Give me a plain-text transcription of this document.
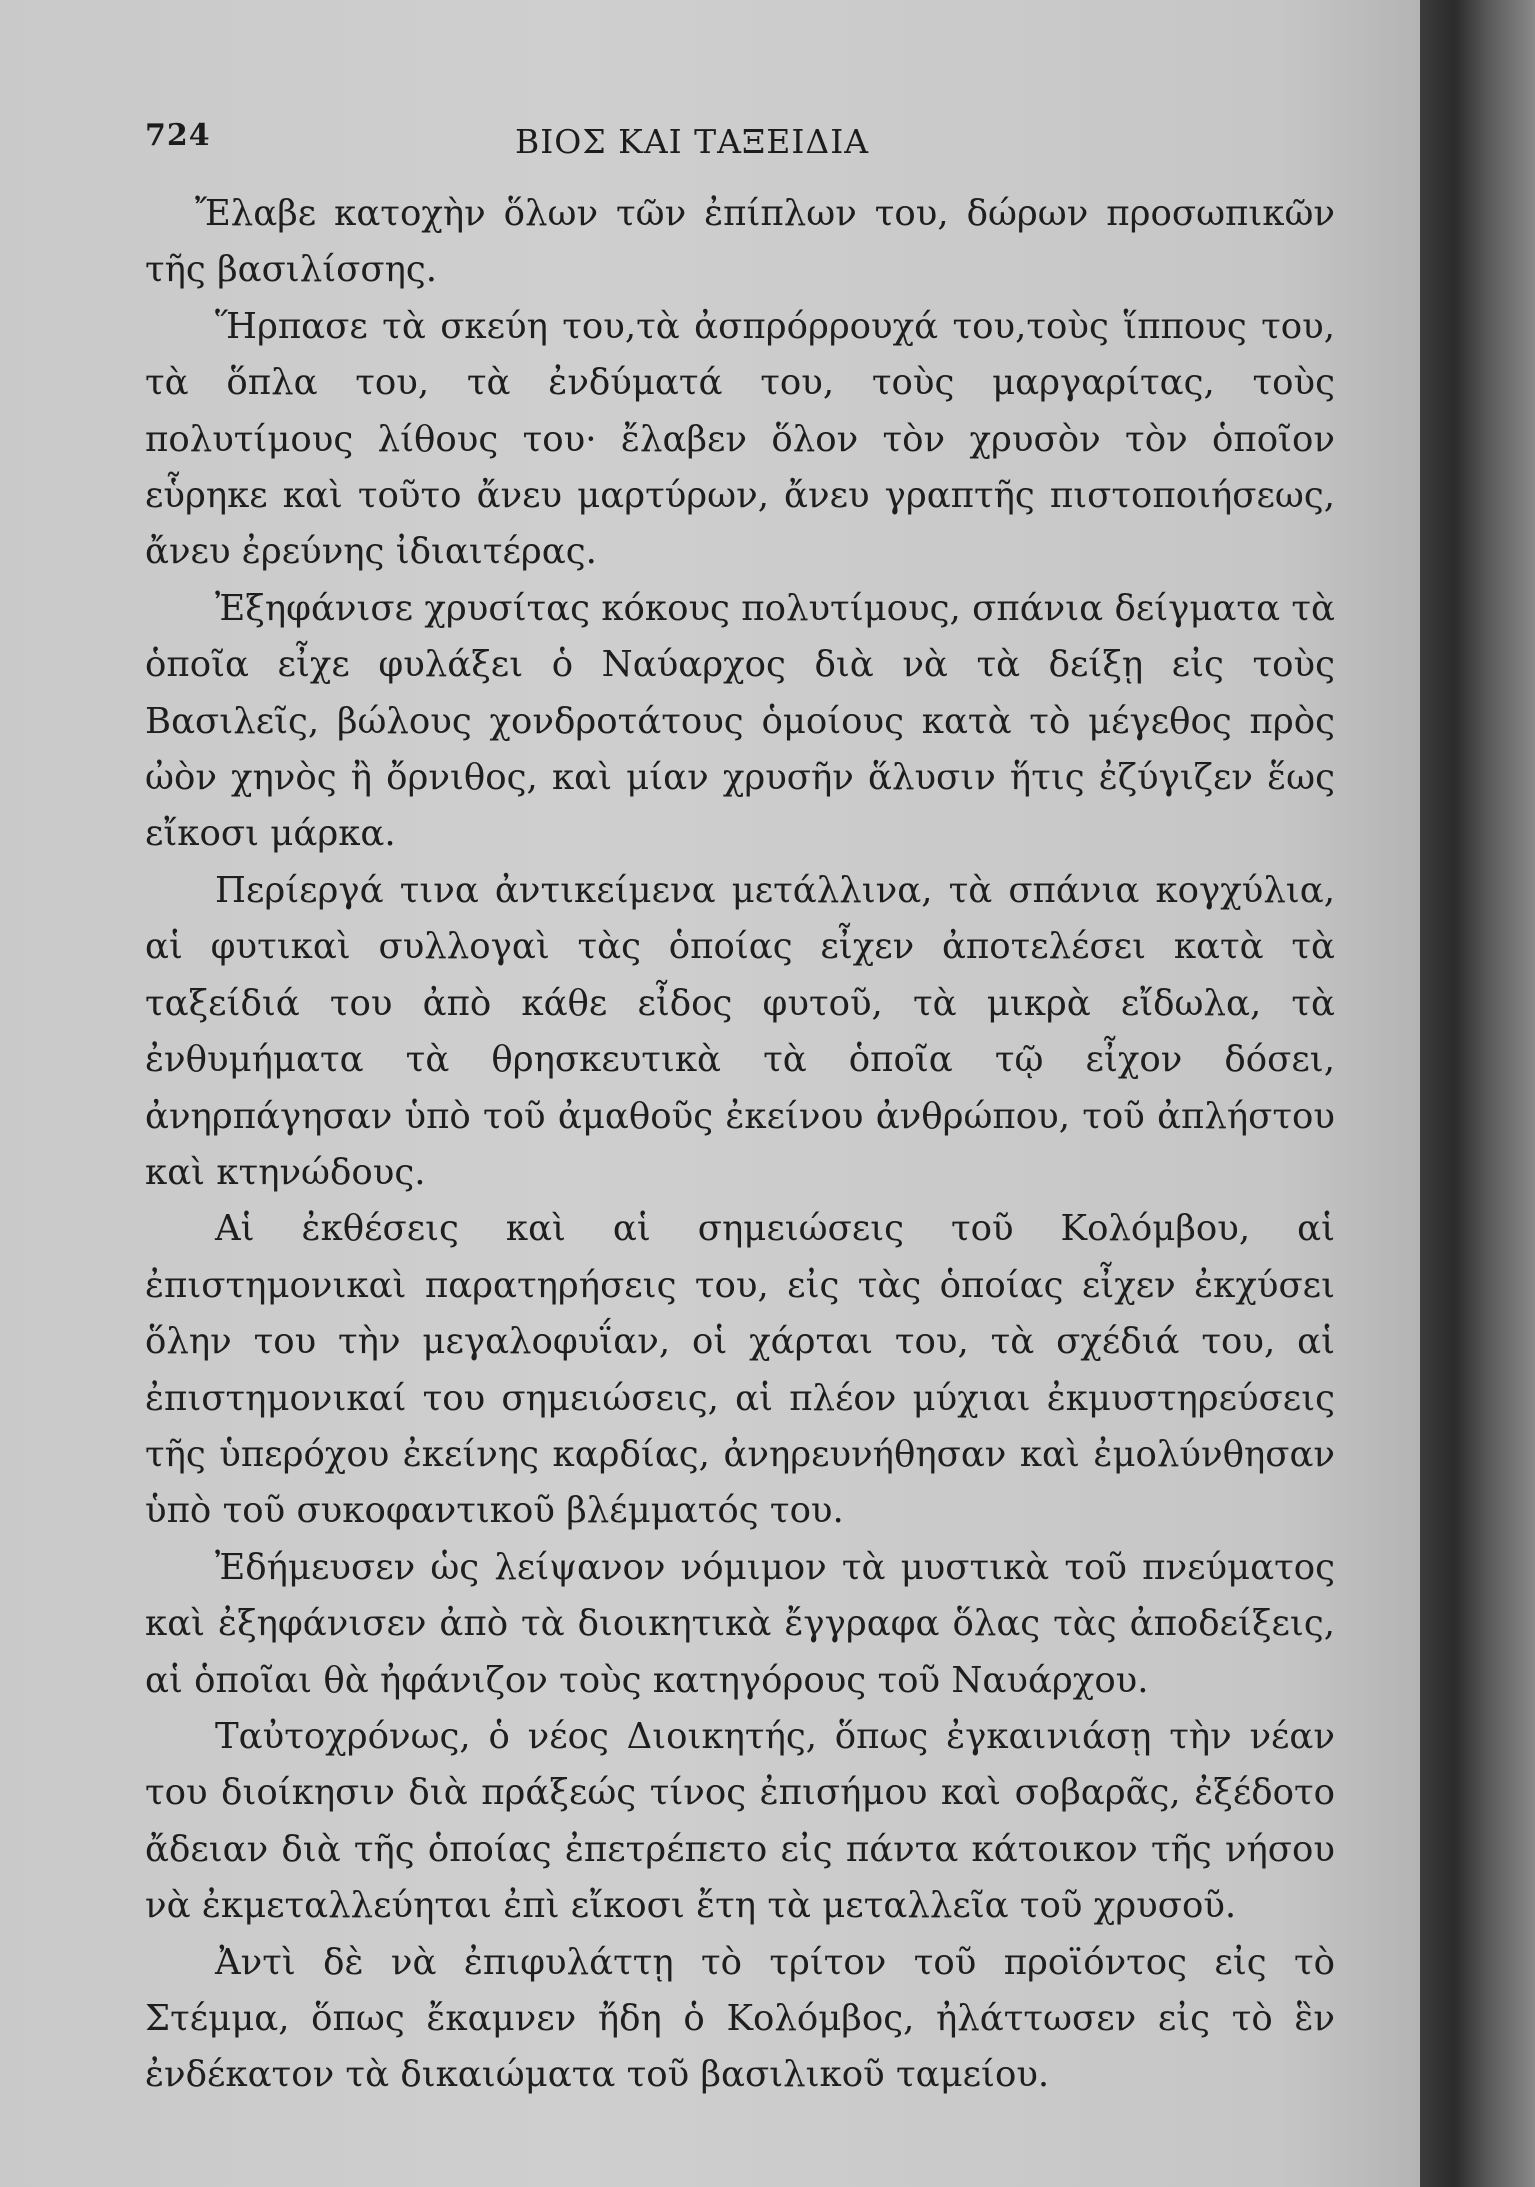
724	ΒΙΟΣ ΚΑΙ ΤΑΞΕΙΔΙΑ

Ἔλαβε κατοχὴν ὅλων τῶν ἐπίπλων του, δώρων προσωπικῶν τῆς βασιλίσσης.

Ἥρπασε τὰ σκεύη του,τὰ ἀσπρόρρουχά του,τοὺς ἵππους του, τὰ ὅπλα του, τὰ ἐνδύματά του, τοὺς μαργαρίτας, τοὺς πολυτίμους λίθους του· ἔλαβεν ὅλον τὸν χρυσὸν τὸν ὁποῖον εὗρηκε καὶ τοῦτο ἄνευ μαρτύρων, ἄνευ γραπτῆς πιστοποιήσεως, ἄνευ ἐρεύνης ἰδιαιτέρας.

Ἐξηφάνισε χρυσίτας κόκους πολυτίμους, σπάνια δείγματα τὰ ὁποῖα εἶχε φυλάξει ὁ Ναύαρχος διὰ νὰ τὰ δείξῃ εἰς τοὺς Βασιλεῖς, βώλους χονδροτάτους ὁμοίους κατὰ τὸ μέγεθος πρὸς ὠὸν χηνὸς ἢ ὄρνιθος, καὶ μίαν χρυσῆν ἅλυσιν ἥτις ἐζύγιζεν ἕως εἴκοσι μάρκα.

Περίεργά τινα ἀντικείμενα μετάλλινα, τὰ σπάνια κογχύλια, αἱ φυτικαὶ συλλογαὶ τὰς ὁποίας εἶχεν ἀποτελέσει κατὰ τὰ ταξείδιά του ἀπὸ κάθε εἶδος φυτοῦ, τὰ μικρὰ εἴδωλα, τὰ ἐνθυμήματα τὰ θρησκευτικὰ τὰ ὁποῖα τῷ εἶχον δόσει, ἀνηρπάγησαν ὑπὸ τοῦ ἀμαθοῦς ἐκείνου ἀνθρώπου, τοῦ ἀπλήστου καὶ κτηνώδους.

Αἱ ἐκθέσεις καὶ αἱ σημειώσεις τοῦ Κολόμβου, αἱ ἐπιστημονικαὶ παρατηρήσεις του, εἰς τὰς ὁποίας εἶχεν ἐκχύσει ὅλην του τὴν μεγαλοφυΐαν, οἱ χάρται του, τὰ σχέδιά του, αἱ ἐπιστημονικαί του σημειώσεις, αἱ πλέον μύχιαι ἐκμυστηρεύσεις τῆς ὑπερόχου ἐκείνης καρδίας, ἀνηρευνήθησαν καὶ ἐμολύνθησαν ὑπὸ τοῦ συκοφαντικοῦ βλέμματός του.

Ἐδήμευσεν ὡς λείψανον νόμιμον τὰ μυστικὰ τοῦ πνεύματος καὶ ἐξηφάνισεν ἀπὸ τὰ διοικητικὰ ἔγγραφα ὅλας τὰς ἀποδείξεις, αἱ ὁποῖαι θὰ ἠφάνιζον τοὺς κατηγόρους τοῦ Ναυάρχου.

Ταὐτοχρόνως, ὁ νέος Διοικητής, ὅπως ἐγκαινιάσῃ τὴν νέαν του διοίκησιν διὰ πράξεώς τίνος ἐπισήμου καὶ σοβαρᾶς, ἐξέδοτο ἄδειαν διὰ τῆς ὁποίας ἐπετρέπετο εἰς πάντα κάτοικον τῆς νήσου νὰ ἐκμεταλλεύηται ἐπὶ εἴκοσι ἔτη τὰ μεταλλεῖα τοῦ χρυσοῦ.

Ἀντὶ δὲ νὰ ἐπιφυλάττῃ τὸ τρίτον τοῦ προϊόντος εἰς τὸ Στέμμα, ὅπως ἔκαμνεν ἤδη ὁ Κολόμβος, ἠλάττωσεν εἰς τὸ ἓν ἐνδέκατον τὰ δικαιώματα τοῦ βασιλικοῦ ταμείου.
